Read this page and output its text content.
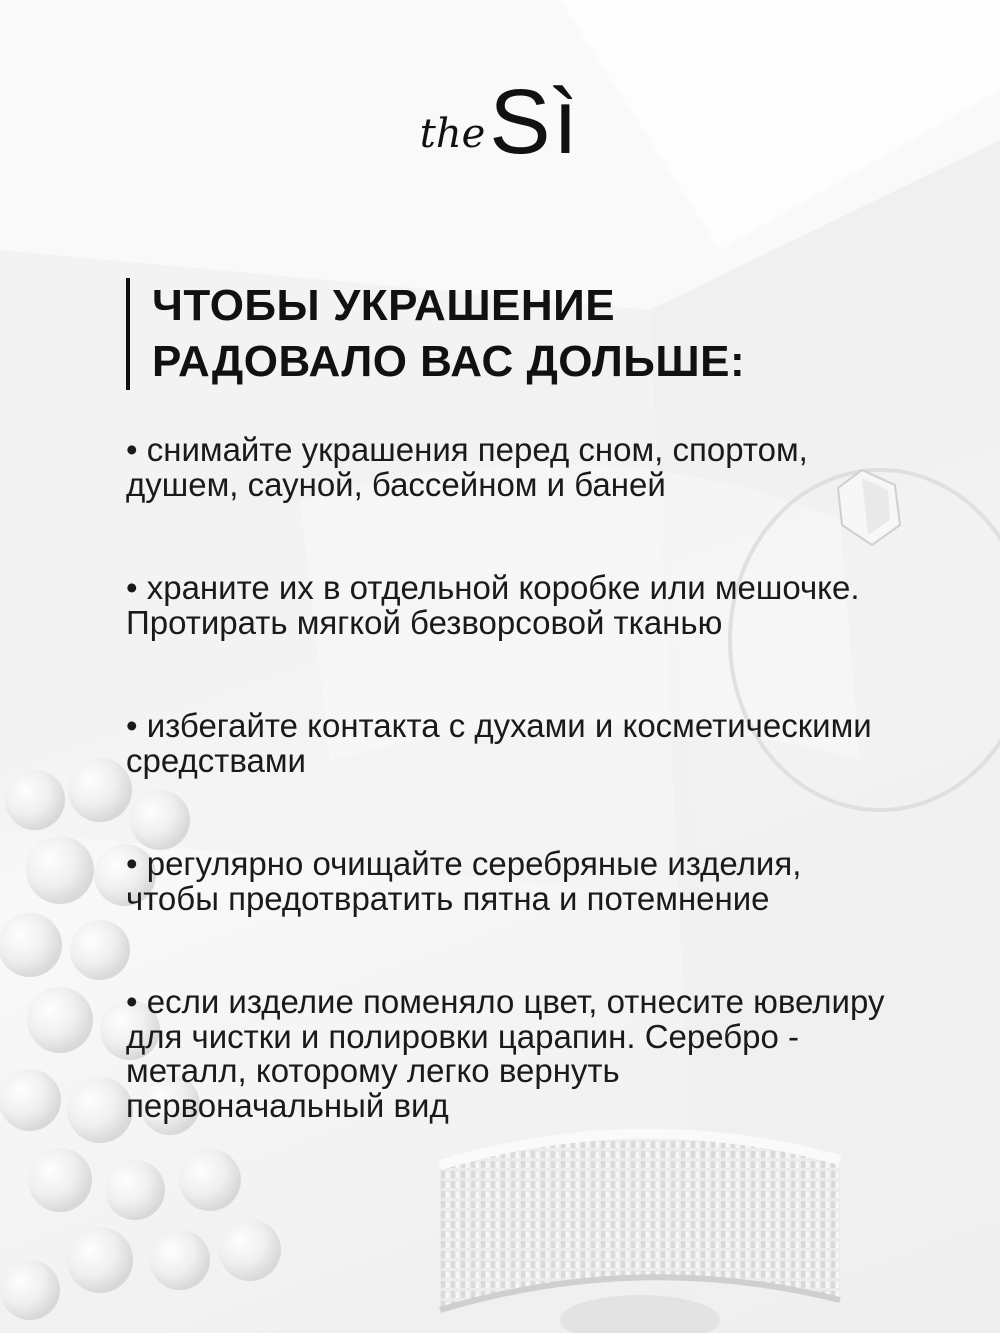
theSì
ЧТОБЫ УКРАШЕНИЕ
РАДОВАЛО ВАС ДОЛЬШЕ:

• снимайте украшения перед сном, спортом, душем, сауной, бассейном и баней

• храните их в отдельной коробке или мешочке. Протирать мягкой безворсовой тканью

• избегайте контакта с духами и косметическими средствами

• регулярно очищайте серебряные изделия, чтобы предотвратить пятна и потемнение

• если изделие поменяло цвет, отнесите ювелиру для чистки и полировки царапин. Серебро - металл, которому легко вернуть первоначальный вид
